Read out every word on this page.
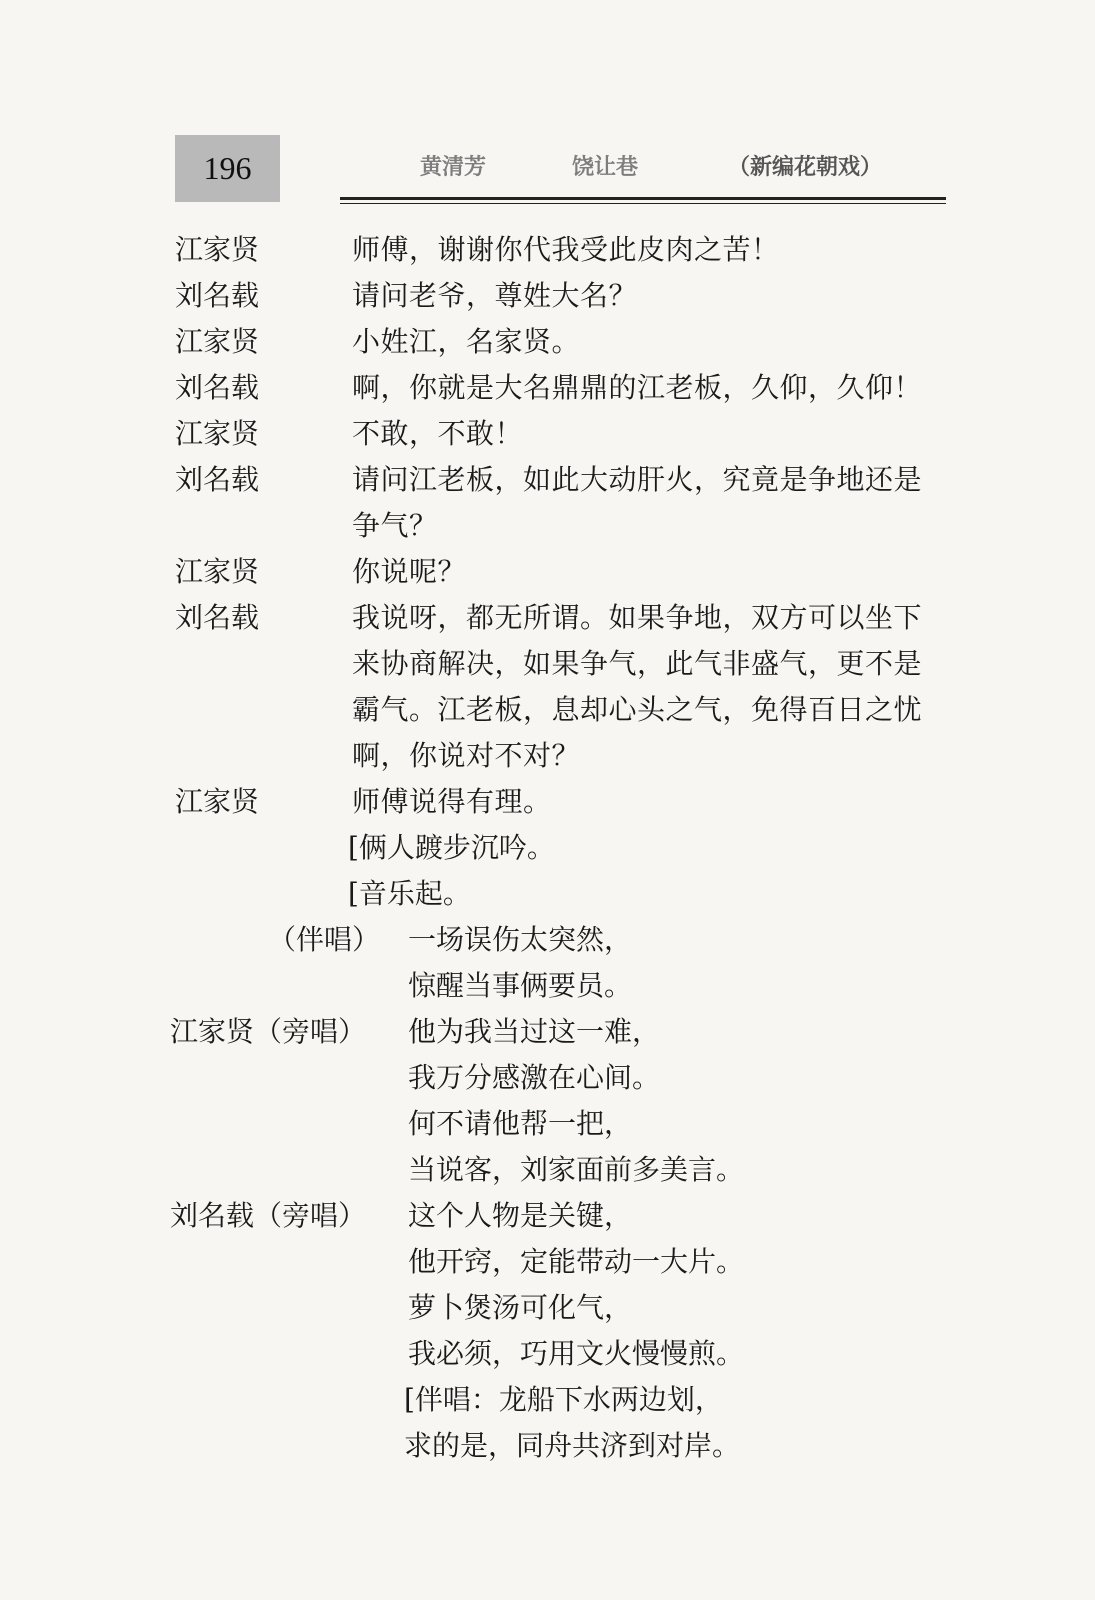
196	黄清芳	饶让巷	（新编花朝戏）
江家贤	师傅，谢谢你代我受此皮肉之苦！
刘名载	请问老爷，尊姓大名？
江家贤	小姓江，名家贤。
刘名载	啊，你就是大名鼎鼎的江老板，久仰，久仰！
江家贤	不敢，不敢！
刘名载	请问江老板，如此大动肝火，究竟是争地还是
争气？
江家贤	你说呢？
刘名载	我说呀，都无所谓。如果争地，双方可以坐下
来协商解决，如果争气，此气非盛气，更不是
霸气。江老板，息却心头之气，免得百日之忧
啊，你说对不对？
江家贤	师傅说得有理。
[俩人踱步沉吟。
[音乐起。
（伴唱） 一场误伤太突然，
惊醒当事俩要员。
江家贤（旁唱）	他为我当过这一难，
我万分感激在心间。
何不请他帮一把，
当说客，刘家面前多美言。
刘名载（旁唱）	这个人物是关键，
他开窍，定能带动一大片。
萝卜煲汤可化气，
我必须，巧用文火慢慢煎。
[伴唱：龙船下水两边划，
求的是，同舟共济到对岸。
